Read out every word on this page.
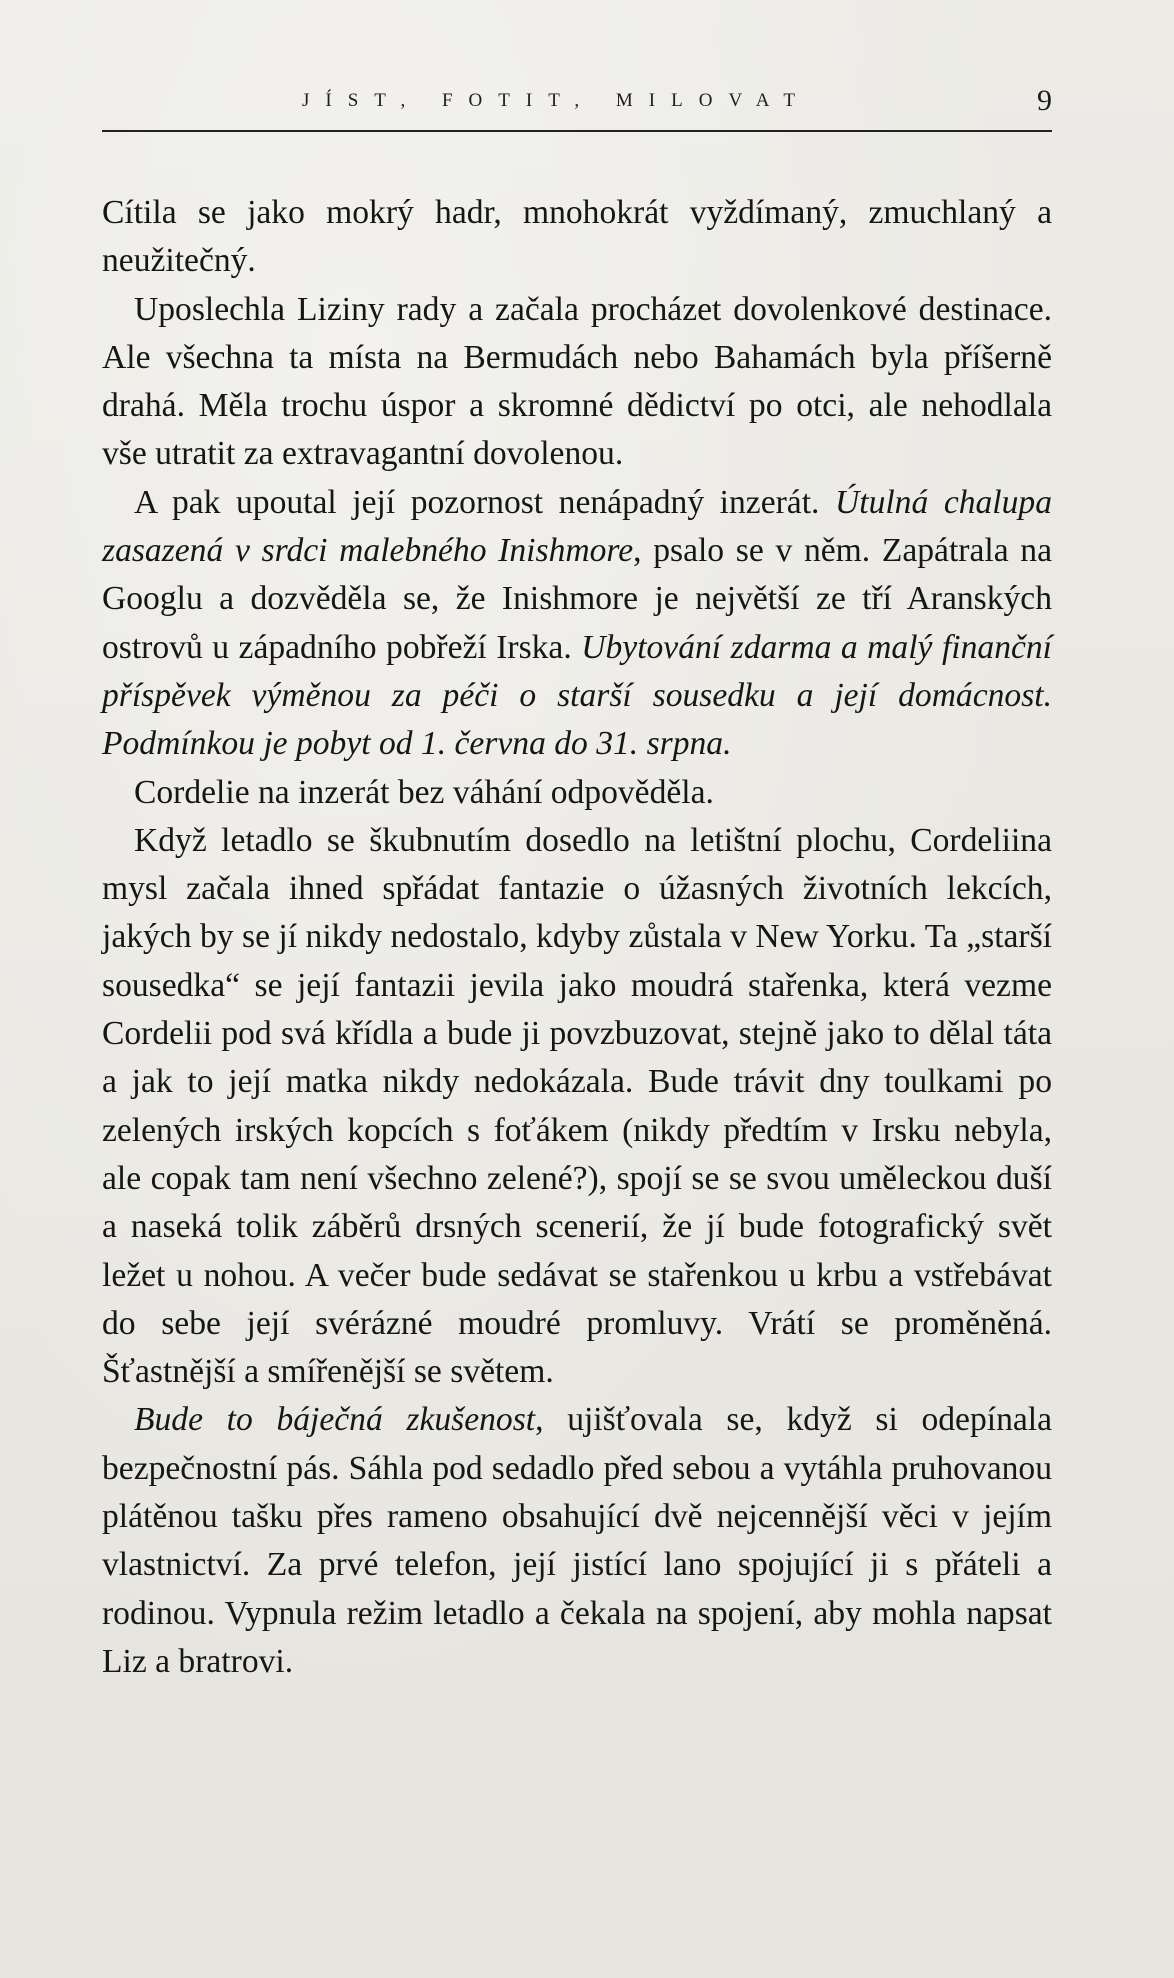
JÍST, FOTIT, MILOVAT	9

Cítila se jako mokrý hadr, mnohokrát vyždímaný, zmuchlaný a neužitečný.

Uposlechla Liziny rady a začala procházet dovolenkové destinace. Ale všechna ta místa na Bermudách nebo Bahamách byla příšerně drahá. Měla trochu úspor a skromné dědictví po otci, ale nehodlala vše utratit za extravagantní dovolenou.

A pak upoutal její pozornost nenápadný inzerát. Útulná chalupa zasazená v srdci malebného Inishmore, psalo se v něm. Zapátrala na Googlu a dozvěděla se, že Inishmore je největší ze tří Aranských ostrovů u západního pobřeží Irska. Ubytování zdarma a malý finanční příspěvek výměnou za péči o starší sousedku a její domácnost. Podmínkou je pobyt od 1. června do 31. srpna.

Cordelie na inzerát bez váhání odpověděla.

Když letadlo se škubnutím dosedlo na letištní plochu, Cordeliina mysl začala ihned spřádat fantazie o úžasných životních lekcích, jakých by se jí nikdy nedostalo, kdyby zůstala v New Yorku. Ta „starší sousedka“ se její fantazii jevila jako moudrá stařenka, která vezme Cordelii pod svá křídla a bude ji povzbuzovat, stejně jako to dělal táta a jak to její matka nikdy nedokázala. Bude trávit dny toulkami po zelených irských kopcích s foťákem (nikdy předtím v Irsku nebyla, ale copak tam není všechno zelené?), spojí se se svou uměleckou duší a naseká tolik záběrů drsných scenerií, že jí bude fotografický svět ležet u nohou. A večer bude sedávat se stařenkou u krbu a vstřebávat do sebe její svérázné moudré promluvy. Vrátí se proměněná. Šťastnější a smířenější se světem.

Bude to báječná zkušenost, ujišťovala se, když si odepínala bezpečnostní pás. Sáhla pod sedadlo před sebou a vytáhla pruhovanou plátěnou tašku přes rameno obsahující dvě nejcennější věci v jejím vlastnictví. Za prvé telefon, její jistící lano spojující ji s přáteli a rodinou. Vypnula režim letadlo a čekala na spojení, aby mohla napsat Liz a bratrovi.
